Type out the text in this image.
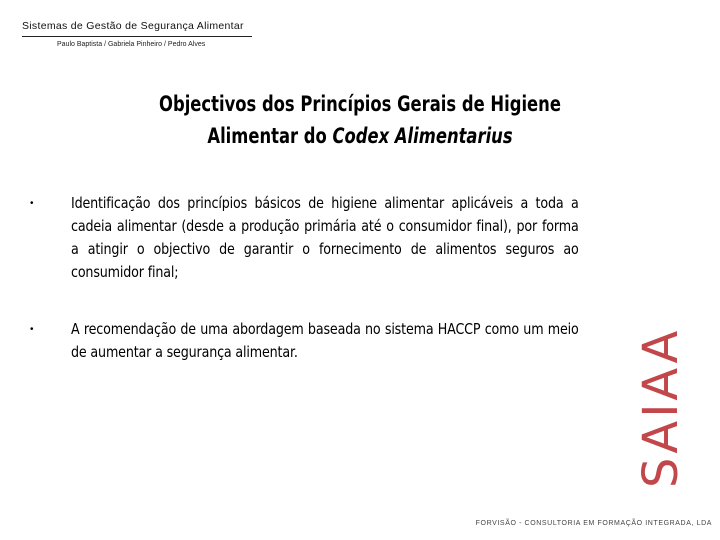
Sistemas de Gestão de Segurança Alimentar
Paulo Baptista / Gabriela Pinheiro / Pedro Alves
Objectivos dos Princípios Gerais de Higiene
Alimentar do Codex Alimentarius
•	Identificação dos princípios básicos de higiene alimentar aplicáveis a toda a cadeia alimentar (desde a produção primária até o consumidor final), por forma a atingir o objectivo de garantir o fornecimento de alimentos seguros ao consumidor final;
•	A recomendação de uma abordagem baseada no sistema HACCP como um meio de aumentar a segurança alimentar.	SAIAA
FORVISÃO - CONSULTORIA EM FORMAÇÃO INTEGRADA, LDA
